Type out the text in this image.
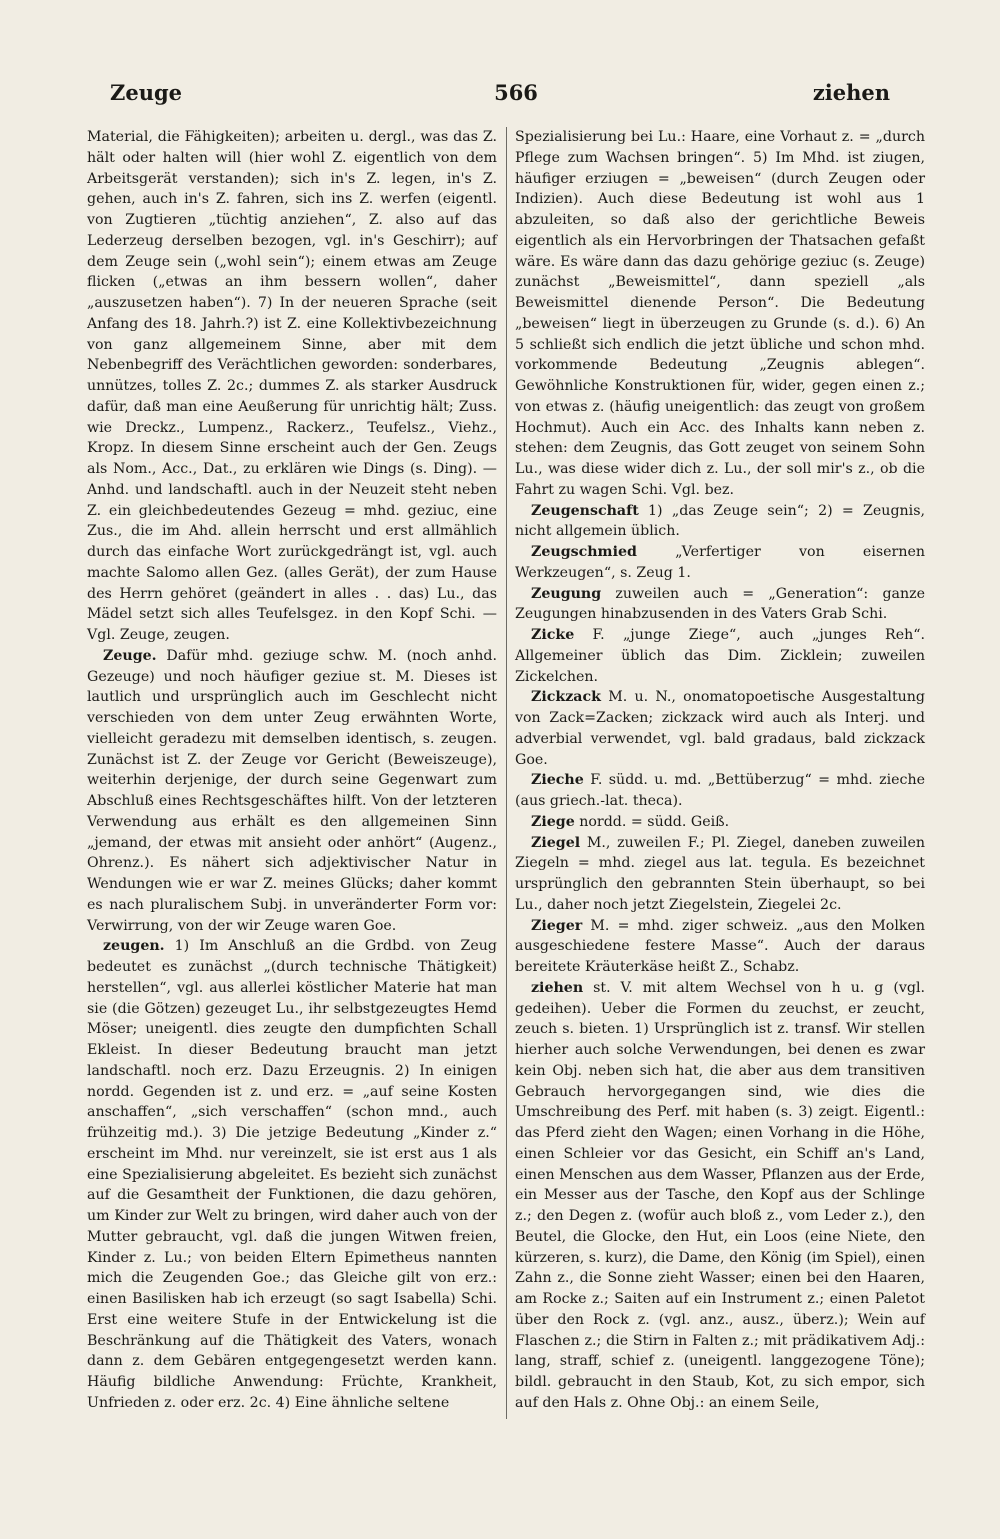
566
Zeuge	ziehen

Material, die Fähigkeiten); arbeiten u. dergl., was das Z. hält oder halten will (hier wohl Z. eigentlich von dem Arbeitsgerät verstanden); sich in's Z. legen, in's Z. gehen, auch in's Z. fahren, sich ins Z. werfen (eigentl. von Zugtieren „tüchtig anziehen“, Z. also auf das Lederzeug derselben bezogen, vgl. in's Geschirr); auf dem Zeuge sein („wohl sein“); einem etwas am Zeuge flicken („etwas an ihm bessern wollen“, daher „auszusetzen haben“). 7) In der neueren Sprache (seit Anfang des 18. Jahrh.?) ist Z. eine Kollektivbezeichnung von ganz allgemeinem Sinne, aber mit dem Nebenbegriff des Verächtlichen geworden: sonderbares, unnützes, tolles Z. 2c.; dummes Z. als starker Ausdruck dafür, daß man eine Aeußerung für unrichtig hält; Zuss. wie Dreckz., Lumpenz., Rackerz., Teufelsz., Viehz., Kropz. In diesem Sinne erscheint auch der Gen. Zeugs als Nom., Acc., Dat., zu erklären wie Dings (s. Ding). — Anhd. und landschaftl. auch in der Neuzeit steht neben Z. ein gleichbedeutendes Gezeug = mhd. geziuc, eine Zus., die im Ahd. allein herrscht und erst allmählich durch das einfache Wort zurückgedrängt ist, vgl. auch machte Salomo allen Gez. (alles Gerät), der zum Hause des Herrn gehöret (geändert in alles . . das) Lu., das Mädel setzt sich alles Teufelsgez. in den Kopf Schi. — Vgl. Zeuge, zeugen.

Zeuge. Dafür mhd. geziuge schw. M. (noch anhd. Gezeuge) und noch häufiger geziue st. M. Dieses ist lautlich und ursprünglich auch im Geschlecht nicht verschieden von dem unter Zeug erwähnten Worte, vielleicht geradezu mit demselben identisch, s. zeugen. Zunächst ist Z. der Zeuge vor Gericht (Beweiszeuge), weiterhin derjenige, der durch seine Gegenwart zum Abschluß eines Rechtsgeschäftes hilft. Von der letzteren Verwendung aus erhält es den allgemeinen Sinn „jemand, der etwas mit ansieht oder anhört“ (Augenz., Ohrenz.). Es nähert sich adjektivischer Natur in Wendungen wie er war Z. meines Glücks; daher kommt es nach pluralischem Subj. in unveränderter Form vor: Verwirrung, von der wir Zeuge waren Goe.

zeugen. 1) Im Anschluß an die Grdbd. von Zeug bedeutet es zunächst „(durch technische Thätigkeit) herstellen“, vgl. aus allerlei köstlicher Materie hat man sie (die Götzen) gezeuget Lu., ihr selbstgezeugtes Hemd Möser; uneigentl. dies zeugte den dumpfichten Schall Ekleist. In dieser Bedeutung braucht man jetzt landschaftl. noch erz. Dazu Erzeugnis. 2) In einigen nordd. Gegenden ist z. und erz. = „auf seine Kosten anschaffen“, „sich verschaffen“ (schon mnd., auch frühzeitig md.). 3) Die jetzige Bedeutung „Kinder z.“ erscheint im Mhd. nur vereinzelt, sie ist erst aus 1 als eine Spezialisierung abgeleitet. Es bezieht sich zunächst auf die Gesamtheit der Funktionen, die dazu gehören, um Kinder zur Welt zu bringen, wird daher auch von der Mutter gebraucht, vgl. daß die jungen Witwen freien, Kinder z. Lu.; von beiden Eltern Epimetheus nannten mich die Zeugenden Goe.; das Gleiche gilt von erz.: einen Basilisken hab ich erzeugt (so sagt Isabella) Schi. Erst eine weitere Stufe in der Entwickelung ist die Beschränkung auf die Thätigkeit des Vaters, wonach dann z. dem Gebären entgegengesetzt werden kann. Häufig bildliche Anwendung: Früchte, Krankheit, Unfrieden z. oder erz. 2c. 4) Eine ähnliche seltene

Spezialisierung bei Lu.: Haare, eine Vorhaut z. = „durch Pflege zum Wachsen bringen“. 5) Im Mhd. ist ziugen, häufiger erziugen = „beweisen“ (durch Zeugen oder Indizien). Auch diese Bedeutung ist wohl aus 1 abzuleiten, so daß also der gerichtliche Beweis eigentlich als ein Hervorbringen der Thatsachen gefaßt wäre. Es wäre dann das dazu gehörige geziuc (s. Zeuge) zunächst „Beweismittel“, dann speziell „als Beweismittel dienende Person“. Die Bedeutung „beweisen“ liegt in überzeugen zu Grunde (s. d.). 6) An 5 schließt sich endlich die jetzt übliche und schon mhd. vorkommende Bedeutung „Zeugnis ablegen“. Gewöhnliche Konstruktionen für, wider, gegen einen z.; von etwas z. (häufig uneigentlich: das zeugt von großem Hochmut). Auch ein Acc. des Inhalts kann neben z. stehen: dem Zeugnis, das Gott zeuget von seinem Sohn Lu., was diese wider dich z. Lu., der soll mir's z., ob die Fahrt zu wagen Schi. Vgl. bez.

Zeugenschaft 1) „das Zeuge sein“; 2) = Zeugnis, nicht allgemein üblich.

Zeugschmied	„Verfertiger von eisernen Werkzeugen“, s. Zeug 1.

Zeugung zuweilen auch = „Generation“: ganze Zeugungen hinabzusenden in des Vaters Grab Schi.

Zicke F. „junge Ziege“, auch „junges Reh“. Allgemeiner üblich das Dim. Zicklein; zuweilen Zickelchen.

Zickzack M. u. N., onomatopoetische Ausgestaltung von Zack=Zacken; zickzack wird auch als Interj. und adverbial verwendet, vgl. bald gradaus, bald zickzack Goe.

Zieche F. südd. u. md. „Bettüberzug“ = mhd. zieche (aus griech.-lat. theca).

Ziege nordd. = südd. Geiß.

Ziegel M., zuweilen F.; Pl. Ziegel, daneben zuweilen Ziegeln = mhd. ziegel aus lat. tegula. Es bezeichnet ursprünglich den gebrannten Stein überhaupt, so bei Lu., daher noch jetzt Ziegelstein, Ziegelei 2c.

Zieger M. = mhd. ziger schweiz. „aus den Molken ausgeschiedene festere Masse“. Auch der daraus bereitete Kräuterkäse heißt Z., Schabz.

ziehen st. V. mit altem Wechsel von h u. g (vgl. gedeihen). Ueber die Formen du zeuchst, er zeucht, zeuch s. bieten. 1) Ursprünglich ist z. transf. Wir stellen hierher auch solche Verwendungen, bei denen es zwar kein Obj. neben sich hat, die aber aus dem transitiven Gebrauch hervorgegangen sind, wie dies die Umschreibung des Perf. mit haben (s. 3) zeigt. Eigentl.: das Pferd zieht den Wagen; einen Vorhang in die Höhe, einen Schleier vor das Gesicht, ein Schiff an's Land, einen Menschen aus dem Wasser, Pflanzen aus der Erde, ein Messer aus der Tasche, den Kopf aus der Schlinge z.; den Degen z. (wofür auch bloß z., vom Leder z.), den Beutel, die Glocke, den Hut, ein Loos (eine Niete, den kürzeren, s. kurz), die Dame, den König (im Spiel), einen Zahn z., die Sonne zieht Wasser; einen bei den Haaren, am Rocke z.; Saiten auf ein Instrument z.; einen Paletot über den Rock z. (vgl. anz., ausz., überz.); Wein auf Flaschen z.; die Stirn in Falten z.; mit prädikativem Adj.: lang, straff, schief z. (uneigentl. langgezogene Töne); bildl. gebraucht in den Staub, Kot, zu sich empor, sich auf den Hals z. Ohne Obj.: an einem Seile,
